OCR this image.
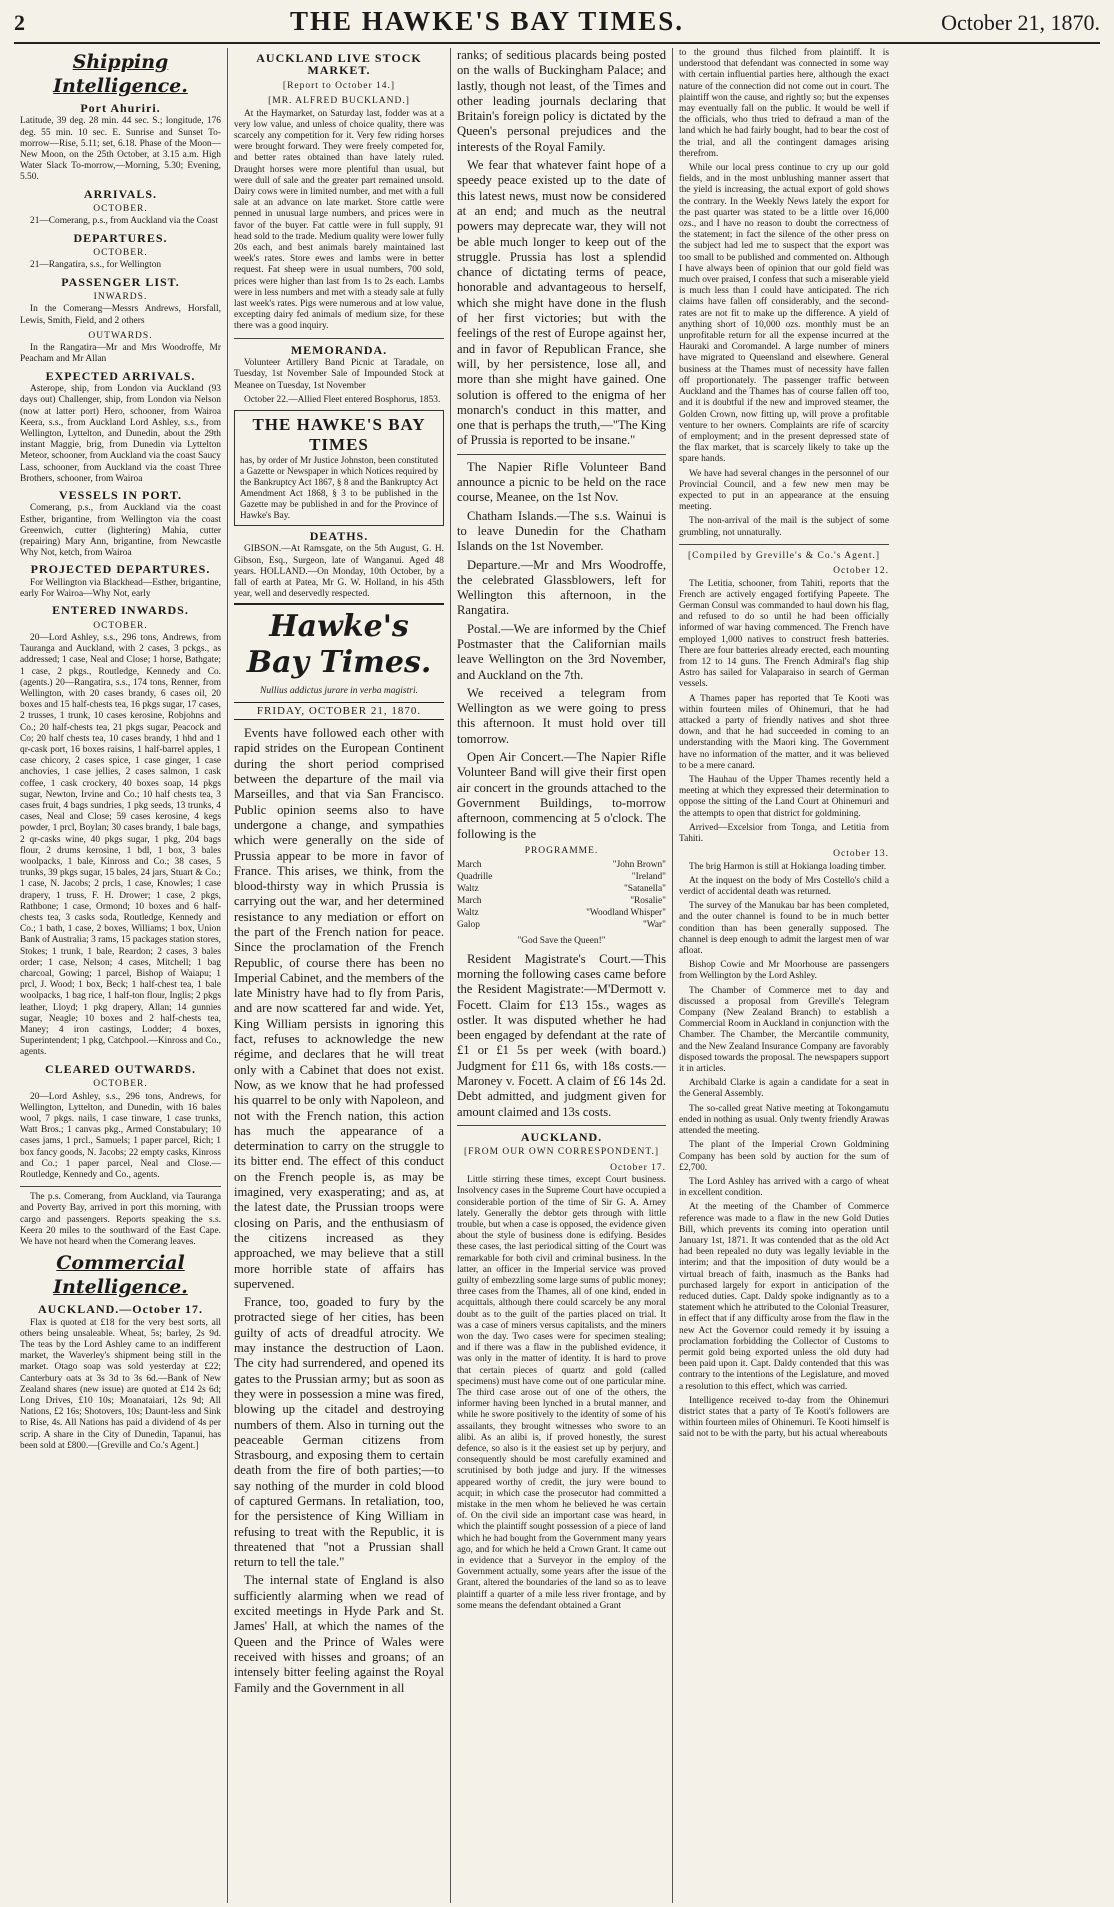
2	THE HAWKE'S BAY TIMES.	October 21, 1870.
Shipping Intelligence.
Port Ahuriri.

Latitude, 39 deg. 28 min. 44 sec. S.; longitude, 176 deg. 55 min. 10 sec. E. Sunrise and Sunset To-morrow—Rise, 5.11; set, 6.18. Phase of the Moon—New Moon, on the 25th October, at 3.15 a.m. High Water Slack To-morrow,—Morning, 5.30; Evening, 5.50.

ARRIVALS.
OCTOBER.

21—Comerang, p.s., from Auckland via the Coast

DEPARTURES.
OCTOBER.

21—Rangatira, s.s., for Wellington

PASSENGER LIST.
INWARDS.

In the Comerang—Messrs Andrews, Horsfall, Lewis, Smith, Field, and 2 others

OUTWARDS.

In the Rangatira—Mr and Mrs Woodroffe, Mr Peacham and Mr Allan

EXPECTED ARRIVALS.

Asterope, ship, from London via Auckland (93 days out) Challenger, ship, from London via Nelson (now at latter port) Hero, schooner, from Wairoa Keera, s.s., from Auckland Lord Ashley, s.s., from Wellington, Lyttelton, and Dunedin, about the 29th instant Maggie, brig, from Dunedin via Lyttelton Meteor, schooner, from Auckland via the coast Saucy Lass, schooner, from Auckland via the coast Three Brothers, schooner, from Wairoa

VESSELS IN PORT.

Comerang, p.s., from Auckland via the coast Esther, brigantine, from Wellington via the coast Greenwich, cutter (lightering) Mahia, cutter (repairing) Mary Ann, brigantine, from Newcastle Why Not, ketch, from Wairoa

PROJECTED DEPARTURES.

For Wellington via Blackhead—Esther, brigantine, early For Wairoa—Why Not, early

ENTERED INWARDS.
OCTOBER.

20—Lord Ashley, s.s., 296 tons, Andrews, from Tauranga and Auckland, with 2 cases, 3 pckgs., as addressed; 1 case, Neal and Close; 1 horse, Bathgate; 1 case, 2 pkgs., Routledge, Kennedy and Co. (agents.) 20—Rangatira, s.s., 174 tons, Renner, from Wellington, with 20 cases brandy, 6 cases oil, 20 boxes and 15 half-chests tea, 16 pkgs sugar, 17 cases, 2 trusses, 1 trunk, 10 cases kerosine, Robjohns and Co.; 20 half-chests tea, 21 pkgs sugar, Peacock and Co; 20 half chests tea, 10 cases brandy, 1 hhd and 1 qr-cask port, 16 boxes raisins, 1 half-barrel apples, 1 case chicory, 2 cases spice, 1 case ginger, 1 case anchovies, 1 case jellies, 2 cases salmon, 1 cask coffee, 1 cask crockery, 40 boxes soap, 14 pkgs sugar, Newton, Irvine and Co.; 10 half chests tea, 3 cases fruit, 4 bags sundries, 1 pkg seeds, 13 trunks, 4 cases, Neal and Close; 59 cases kerosine, 4 kegs powder, 1 prcl, Boylan; 30 cases brandy, 1 bale bags, 2 qr-casks wine, 40 pkgs sugar, 1 pkg, 204 bags flour, 2 drums kerosine, 1 bdl, 1 box, 3 bales woolpacks, 1 bale, Kinross and Co.; 38 cases, 5 trunks, 39 pkgs sugar, 15 bales, 24 jars, Stuart & Co.; 1 case, N. Jacobs; 2 prcls, 1 case, Knowles; 1 case drapery, 1 truss, F. H. Drower; 1 case, 2 pkgs, Rathbone; 1 case, Ormond; 10 boxes and 6 half-chests tea, 3 casks soda, Routledge, Kennedy and Co.; 1 bath, 1 case, 2 boxes, Williams; 1 box, Union Bank of Australia; 3 rams, 15 packages station stores, Stokes; 1 trunk, 1 bale, Reardon; 2 cases, 3 bales order; 1 case, Nelson; 4 cases, Mitchell; 1 bag charcoal, Gowing; 1 parcel, Bishop of Waiapu; 1 prcl, J. Wood; 1 box, Beck; 1 half-chest tea, 1 bale woolpacks, 1 bag rice, 1 half-ton flour, Inglis; 2 pkgs leather, Lloyd; 1 pkg drapery, Allan; 14 gunnies sugar, Neagle; 10 boxes and 2 half-chests tea, Maney; 4 iron castings, Lodder; 4 boxes, Superintendent; 1 pkg, Catchpool.—Kinross and Co., agents.

CLEARED OUTWARDS.
OCTOBER.

20—Lord Ashley, s.s., 296 tons, Andrews, for Wellington, Lyttelton, and Dunedin, with 16 bales wool, 7 pkgs. nails, 1 case tinware, 1 case trunks, Watt Bros.; 1 canvas pkg., Armed Constabulary; 10 cases jams, 1 prcl., Samuels; 1 paper parcel, Rich; 1 box fancy goods, N. Jacobs; 22 empty casks, Kinross and Co.; 1 paper parcel, Neal and Close.—Routledge, Kennedy and Co., agents.

The p.s. Comerang, from Auckland, via Tauranga and Poverty Bay, arrived in port this morning, with cargo and passengers. Reports speaking the s.s. Keera 20 miles to the southward of the East Cape. We have not heard when the Comerang leaves.

Commercial Intelligence.
AUCKLAND.—October 17.

Flax is quoted at £18 for the very best sorts, all others being unsaleable. Wheat, 5s; barley, 2s 9d. The teas by the Lord Ashley came to an indifferent market, the Waverley's shipment being still in the market. Otago soap was sold yesterday at £22; Canterbury oats at 3s 3d to 3s 6d.—Bank of New Zealand shares (new issue) are quoted at £14 2s 6d; Long Drives, £10 10s; Moanataiari, 12s 9d; All Nations, £2 16s; Shotovers, 10s; Daunt-less and Sink to Rise, 4s. All Nations has paid a dividend of 4s per scrip. A share in the City of Dunedin, Tapanui, has been sold at £800.—[Greville and Co.'s Agent.]

AUCKLAND LIVE STOCK MARKET.
[Report to October 14.]
[MR. ALFRED BUCKLAND.]

At the Haymarket, on Saturday last, fodder was at a very low value, and unless of choice quality, there was scarcely any competition for it. Very few riding horses were brought forward. They were freely competed for, and better rates obtained than have lately ruled. Draught horses were more plentiful than usual, but were dull of sale and the greater part remained unsold. Dairy cows were in limited number, and met with a full sale at an advance on late market. Store cattle were penned in unusual large numbers, and prices were in favor of the buyer. Fat cattle were in full supply, 91 head sold to the trade. Medium quality were lower fully 20s each, and best animals barely maintained last week's rates. Store ewes and lambs were in better request. Fat sheep were in usual numbers, 700 sold, prices were higher than last from 1s to 2s each. Lambs were in less numbers and met with a steady sale at fully last week's rates. Pigs were numerous and at low value, excepting dairy fed animals of medium size, for these there was a good inquiry.

MEMORANDA.

Volunteer Artillery Band Picnic at Taradale, on Tuesday, 1st November Sale of Impounded Stock at Meanee on Tuesday, 1st November

October 22.—Allied Fleet entered Bosphorus, 1853.

THE HAWKE'S BAY TIMES
has, by order of Mr Justice Johnston, been constituted a Gazette or Newspaper in which Notices required by the Bankruptcy Act 1867, § 8 and the Bankruptcy Act Amendment Act 1868, § 3 to be published in the Gazette may be published in and for the Province of Hawke's Bay.
DEATHS.

GIBSON.—At Ramsgate, on the 5th August, G. H. Gibson, Esq., Surgeon, late of Wanganui. Aged 48 years. HOLLAND.—On Monday, 10th October, by a fall of earth at Patea, Mr G. W. Holland, in his 45th year, well and deservedly respected.

Hawke's Bay Times.
Nullius addictus jurare in verba magistri.
FRIDAY, OCTOBER 21, 1870.

Events have followed each other with rapid strides on the European Continent during the short period comprised between the departure of the mail via Marseilles, and that via San Francisco. Public opinion seems also to have undergone a change, and sympathies which were generally on the side of Prussia appear to be more in favor of France. This arises, we think, from the blood-thirsty way in which Prussia is carrying out the war, and her determined resistance to any mediation or effort on the part of the French nation for peace. Since the proclamation of the French Republic, of course there has been no Imperial Cabinet, and the members of the late Ministry have had to fly from Paris, and are now scattered far and wide. Yet, King William persists in ignoring this fact, refuses to acknowledge the new régime, and declares that he will treat only with a Cabinet that does not exist. Now, as we know that he had professed his quarrel to be only with Napoleon, and not with the French nation, this action has much the appearance of a determination to carry on the struggle to its bitter end. The effect of this conduct on the French people is, as may be imagined, very exasperating; and as, at the latest date, the Prussian troops were closing on Paris, and the enthusiasm of the citizens increased as they approached, we may believe that a still more horrible state of affairs has supervened.

France, too, goaded to fury by the protracted siege of her cities, has been guilty of acts of dreadful atrocity. We may instance the destruction of Laon. The city had surrendered, and opened its gates to the Prussian army; but as soon as they were in possession a mine was fired, blowing up the citadel and destroying numbers of them. Also in turning out the peaceable German citizens from Strasbourg, and exposing them to certain death from the fire of both parties;—to say nothing of the murder in cold blood of captured Germans. In retaliation, too, for the persistence of King William in refusing to treat with the Republic, it is threatened that "not a Prussian shall return to tell the tale."

The internal state of England is also sufficiently alarming when we read of excited meetings in Hyde Park and St. James' Hall, at which the names of the Queen and the Prince of Wales were received with hisses and groans; of an intensely bitter feeling against the Royal Family and the Government in all

ranks; of seditious placards being posted on the walls of Buckingham Palace; and lastly, though not least, of the Times and other leading journals declaring that Britain's foreign policy is dictated by the Queen's personal prejudices and the interests of the Royal Family.

We fear that whatever faint hope of a speedy peace existed up to the date of this latest news, must now be considered at an end; and much as the neutral powers may deprecate war, they will not be able much longer to keep out of the struggle. Prussia has lost a splendid chance of dictating terms of peace, honorable and advantageous to herself, which she might have done in the flush of her first victories; but with the feelings of the rest of Europe against her, and in favor of Republican France, she will, by her persistence, lose all, and more than she might have gained. One solution is offered to the enigma of her monarch's conduct in this matter, and one that is perhaps the truth,—"The King of Prussia is reported to be insane."

The Napier Rifle Volunteer Band announce a picnic to be held on the race course, Meanee, on the 1st Nov.

Chatham Islands.—The s.s. Wainui is to leave Dunedin for the Chatham Islands on the 1st November.

Departure.—Mr and Mrs Woodroffe, the celebrated Glassblowers, left for Wellington this afternoon, in the Rangatira.

Postal.—We are informed by the Chief Postmaster that the Californian mails leave Wellington on the 3rd November, and Auckland on the 7th.

We received a telegram from Wellington as we were going to press this afternoon. It must hold over till tomorrow.

Open Air Concert.—The Napier Rifle Volunteer Band will give their first open air concert in the grounds attached to the Government Buildings, to-morrow afternoon, commencing at 5 o'clock. The following is the

PROGRAMME.
March	"John Brown"
Quadrille	"Ireland"
Waltz	"Satanella"
March	"Rosalie"
Waltz	"Woodland Whisper"
Galop	"War"
"God Save the Queen!"

Resident Magistrate's Court.—This morning the following cases came before the Resident Magistrate:—M'Dermott v. Focett. Claim for £13 15s., wages as ostler. It was disputed whether he had been engaged by defendant at the rate of £1 or £1 5s per week (with board.) Judgment for £11 6s, with 18s costs.—Maroney v. Focett. A claim of £6 14s 2d. Debt admitted, and judgment given for amount claimed and 13s costs.

AUCKLAND.
[FROM OUR OWN CORRESPONDENT.]
October 17.

Little stirring these times, except Court business. Insolvency cases in the Supreme Court have occupied a considerable portion of the time of Sir G. A. Arney lately. Generally the debtor gets through with little trouble, but when a case is opposed, the evidence given about the style of business done is edifying. Besides these cases, the last periodical sitting of the Court was remarkable for both civil and criminal business. In the latter, an officer in the Imperial service was proved guilty of embezzling some large sums of public money; three cases from the Thames, all of one kind, ended in acquittals, although there could scarcely be any moral doubt as to the guilt of the parties placed on trial. It was a case of miners versus capitalists, and the miners won the day. Two cases were for specimen stealing; and if there was a flaw in the published evidence, it was only in the matter of identity. It is hard to prove that certain pieces of quartz and gold (called specimens) must have come out of one particular mine. The third case arose out of one of the others, the informer having been lynched in a brutal manner, and while he swore positively to the identity of some of his assailants, they brought witnesses who swore to an alibi. As an alibi is, if proved honestly, the surest defence, so also is it the easiest set up by perjury, and consequently should be most carefully examined and scrutinised by both judge and jury. If the witnesses appeared worthy of credit, the jury were bound to acquit; in which case the prosecutor had committed a mistake in the men whom he believed he was certain of. On the civil side an important case was heard, in which the plaintiff sought possession of a piece of land which he had bought from the Government many years ago, and for which he held a Crown Grant. It came out in evidence that a Surveyor in the employ of the Government actually, some years after the issue of the Grant, altered the boundaries of the land so as to leave plaintiff a quarter of a mile less river frontage, and by some means the defendant obtained a Grant

to the ground thus filched from plaintiff. It is understood that defendant was connected in some way with certain influential parties here, although the exact nature of the connection did not come out in court. The plaintiff won the cause, and rightly so; but the expenses may eventually fall on the public. It would be well if the officials, who thus tried to defraud a man of the land which he had fairly bought, had to bear the cost of the trial, and all the contingent damages arising therefrom.

While our local press continue to cry up our gold fields, and in the most unblushing manner assert that the yield is increasing, the actual export of gold shows the contrary. In the Weekly News lately the export for the past quarter was stated to be a little over 16,000 ozs., and I have no reason to doubt the correctness of the statement; in fact the silence of the other press on the subject had led me to suspect that the export was too small to be published and commented on. Although I have always been of opinion that our gold field was much over praised, I confess that such a miserable yield is much less than I could have anticipated. The rich claims have fallen off considerably, and the second-rates are not fit to make up the difference. A yield of anything short of 10,000 ozs. monthly must be an unprofitable return for all the expense incurred at the Hauraki and Coromandel. A large number of miners have migrated to Queensland and elsewhere. General business at the Thames must of necessity have fallen off proportionately. The passenger traffic between Auckland and the Thames has of course fallen off too, and it is doubtful if the new and improved steamer, the Golden Crown, now fitting up, will prove a profitable venture to her owners. Complaints are rife of scarcity of employment; and in the present depressed state of the flax market, that is scarcely likely to take up the spare hands.

We have had several changes in the personnel of our Provincial Council, and a few new men may be expected to put in an appearance at the ensuing meeting.

The non-arrival of the mail is the subject of some grumbling, not unnaturally.

[Compiled by Greville's & Co.'s Agent.]
October 12.

The Letitia, schooner, from Tahiti, reports that the French are actively engaged fortifying Papeete. The German Consul was commanded to haul down his flag, and refused to do so until he had been officially informed of war having commenced. The French have employed 1,000 natives to construct fresh batteries. There are four batteries already erected, each mounting from 12 to 14 guns. The French Admiral's flag ship Astro has sailed for Valaparaiso in search of German vessels.

A Thames paper has reported that Te Kooti was within fourteen miles of Ohinemuri, that he had attacked a party of friendly natives and shot three down, and that he had succeeded in coming to an understanding with the Maori king. The Government have no information of the matter, and it was believed to be a mere canard.

The Hauhau of the Upper Thames recently held a meeting at which they expressed their determination to oppose the sitting of the Land Court at Ohinemuri and the attempts to open that district for goldmining.

Arrived—Excelsior from Tonga, and Letitia from Tahiti.

October 13.

The brig Harmon is still at Hokianga loading timber.

At the inquest on the body of Mrs Costello's child a verdict of accidental death was returned.

The survey of the Manukau bar has been completed, and the outer channel is found to be in much better condition than has been generally supposed. The channel is deep enough to admit the largest men of war afloat.

Bishop Cowie and Mr Moorhouse are passengers from Wellington by the Lord Ashley.

The Chamber of Commerce met to day and discussed a proposal from Greville's Telegram Company (New Zealand Branch) to establish a Commercial Room in Auckland in conjunction with the Chamber. The Chamber, the Mercantile community, and the New Zealand Insurance Company are favorably disposed towards the proposal. The newspapers support it in articles.

Archibald Clarke is again a candidate for a seat in the General Assembly.

The so-called great Native meeting at Tokongamutu ended in nothing as usual. Only twenty friendly Arawas attended the meeting.

The plant of the Imperial Crown Goldmining Company has been sold by auction for the sum of £2,700.

The Lord Ashley has arrived with a cargo of wheat in excellent condition.

At the meeting of the Chamber of Commerce reference was made to a flaw in the new Gold Duties Bill, which prevents its coming into operation until January 1st, 1871. It was contended that as the old Act had been repealed no duty was legally leviable in the interim; and that the imposition of duty would be a virtual breach of faith, inasmuch as the Banks had purchased largely for export in anticipation of the reduced duties. Capt. Daldy spoke indignantly as to a statement which he attributed to the Colonial Treasurer, in effect that if any difficulty arose from the flaw in the new Act the Governor could remedy it by issuing a proclamation forbidding the Collector of Customs to permit gold being exported unless the old duty had been paid upon it. Capt. Daldy contended that this was contrary to the intentions of the Legislature, and moved a resolution to this effect, which was carried.

Intelligence received to-day from the Ohinemuri district states that a party of Te Kooti's followers are within fourteen miles of Ohinemuri. Te Kooti himself is said not to be with the party, but his actual whereabouts
